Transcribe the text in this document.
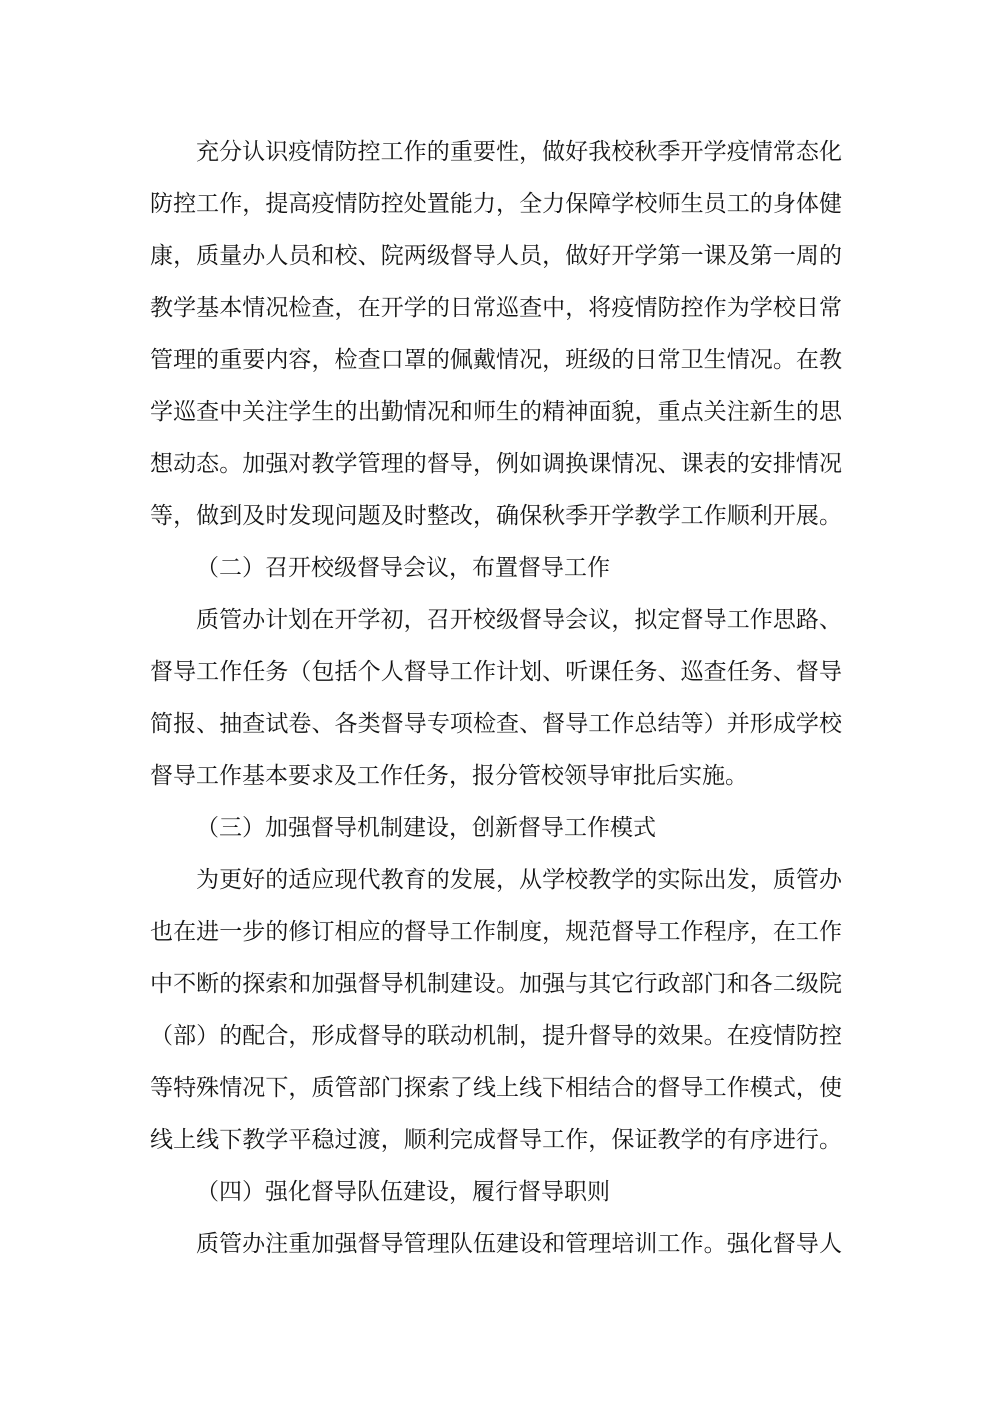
充分认识疫情防控工作的重要性，做好我校秋季开学疫情常态化
防控工作，提高疫情防控处置能力，全力保障学校师生员工的身体健
康，质量办人员和校、院两级督导人员，做好开学第一课及第一周的
教学基本情况检查，在开学的日常巡查中，将疫情防控作为学校日常
管理的重要内容，检查口罩的佩戴情况，班级的日常卫生情况。在教
学巡查中关注学生的出勤情况和师生的精神面貌，重点关注新生的思
想动态。加强对教学管理的督导，例如调换课情况、课表的安排情况
等，做到及时发现问题及时整改，确保秋季开学教学工作顺利开展。
（二）召开校级督导会议，布置督导工作
质管办计划在开学初，召开校级督导会议，拟定督导工作思路、
督导工作任务（包括个人督导工作计划、听课任务、巡查任务、督导
简报、抽查试卷、各类督导专项检查、督导工作总结等）并形成学校
督导工作基本要求及工作任务，报分管校领导审批后实施。
（三）加强督导机制建设，创新督导工作模式
为更好的适应现代教育的发展，从学校教学的实际出发，质管办
也在进一步的修订相应的督导工作制度，规范督导工作程序，在工作
中不断的探索和加强督导机制建设。加强与其它行政部门和各二级院
（部）的配合，形成督导的联动机制，提升督导的效果。在疫情防控
等特殊情况下，质管部门探索了线上线下相结合的督导工作模式，使
线上线下教学平稳过渡，顺利完成督导工作，保证教学的有序进行。
（四）强化督导队伍建设，履行督导职则
质管办注重加强督导管理队伍建设和管理培训工作。强化督导人
